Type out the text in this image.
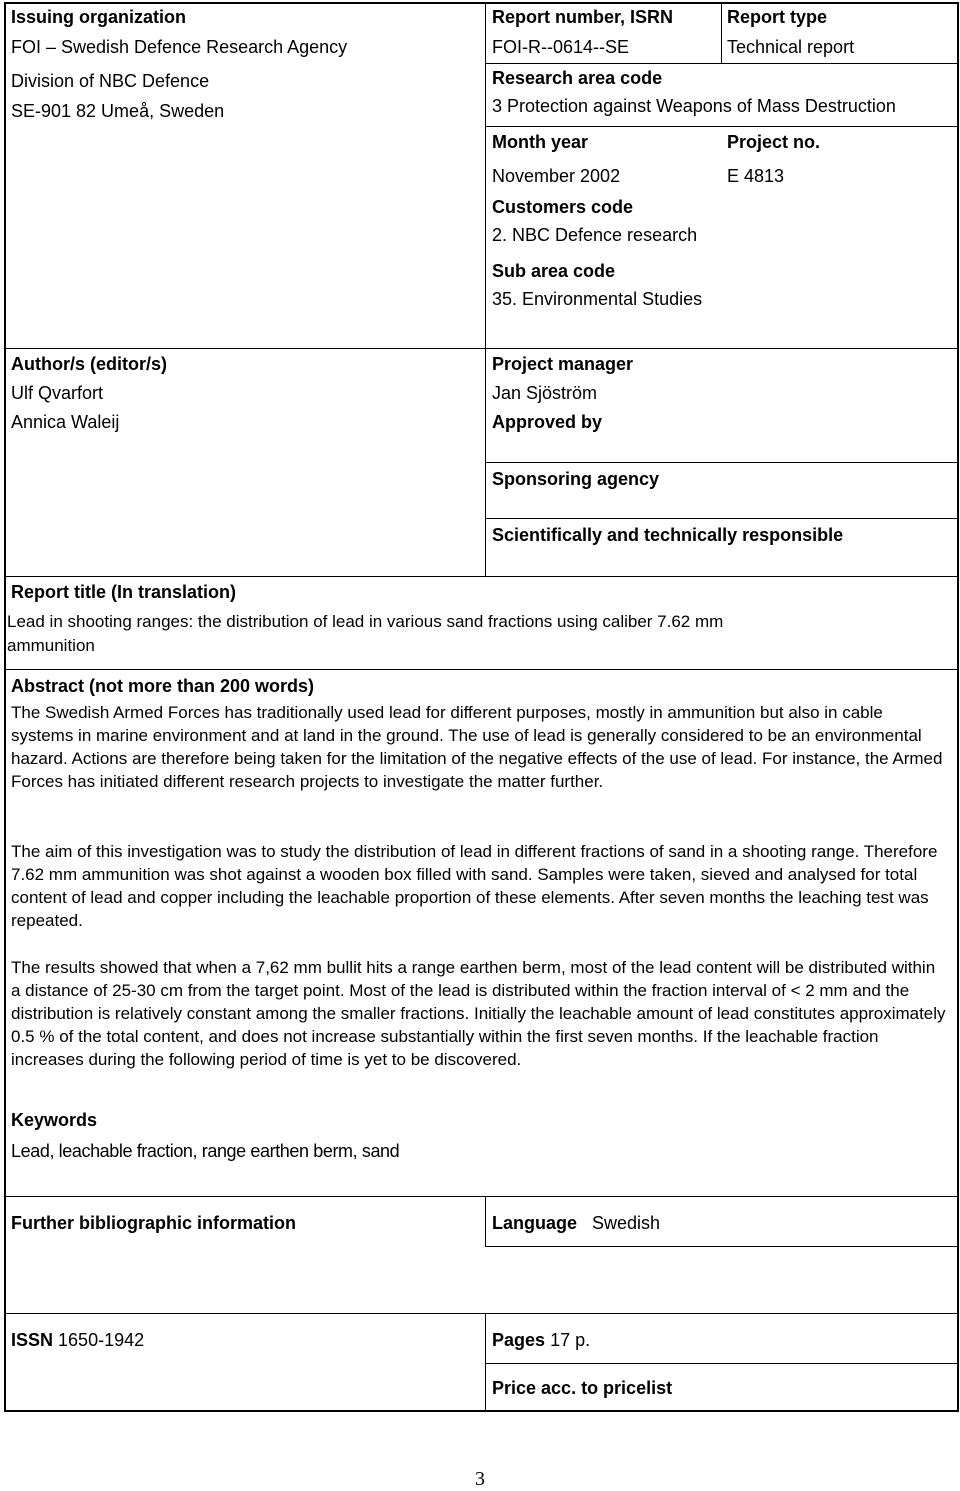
Issuing organization
FOI – Swedish Defence Research Agency
Division of NBC Defence
SE-901 82 Umeå, Sweden
Report number, ISRN
FOI-R--0614--SE
Report type
Technical report
Research area code
3 Protection against Weapons of Mass Destruction
Month year
November 2002
Project no.
E 4813
Customers code
2. NBC Defence research
Sub area code
35. Environmental Studies
Author/s (editor/s)
Ulf Qvarfort
Annica Waleij
Project manager
Jan Sjöström
Approved by
Sponsoring agency
Scientifically and technically responsible
Report title (In translation)
Lead in shooting ranges: the distribution of lead in various sand fractions using caliber 7.62 mm
ammunition
Abstract (not more than 200 words)
The Swedish Armed Forces has traditionally used lead for different purposes, mostly in ammunition but also in cable systems in marine environment and at land in the ground. The use of lead is generally considered to be an environmental hazard. Actions are therefore being taken for the limitation of the negative effects of the use of lead. For instance, the Armed Forces has initiated different research projects to investigate the matter further.
The aim of this investigation was to study the distribution of lead in different fractions of sand in a shooting range. Therefore 7.62 mm ammunition was shot against a wooden box filled with sand. Samples were taken, sieved and analysed for total content of lead and copper including the leachable proportion of these elements. After seven months the leaching test was repeated.
The results showed that when a 7,62 mm bullit hits a range earthen berm, most of the lead content will be distributed within a distance of 25-30 cm from the target point. Most of the lead is distributed within the fraction interval of < 2 mm and the distribution is relatively constant among the smaller fractions. Initially the leachable amount of lead constitutes approximately 0.5 % of the total content, and does not increase substantially within the first seven months. If the leachable fraction increases during the following period of time is yet to be discovered.
Keywords
Lead, leachable fraction, range earthen berm, sand
Further bibliographic information	Language Swedish
ISSN 1650-1942	Pages 17 p.
Price acc. to pricelist
3
